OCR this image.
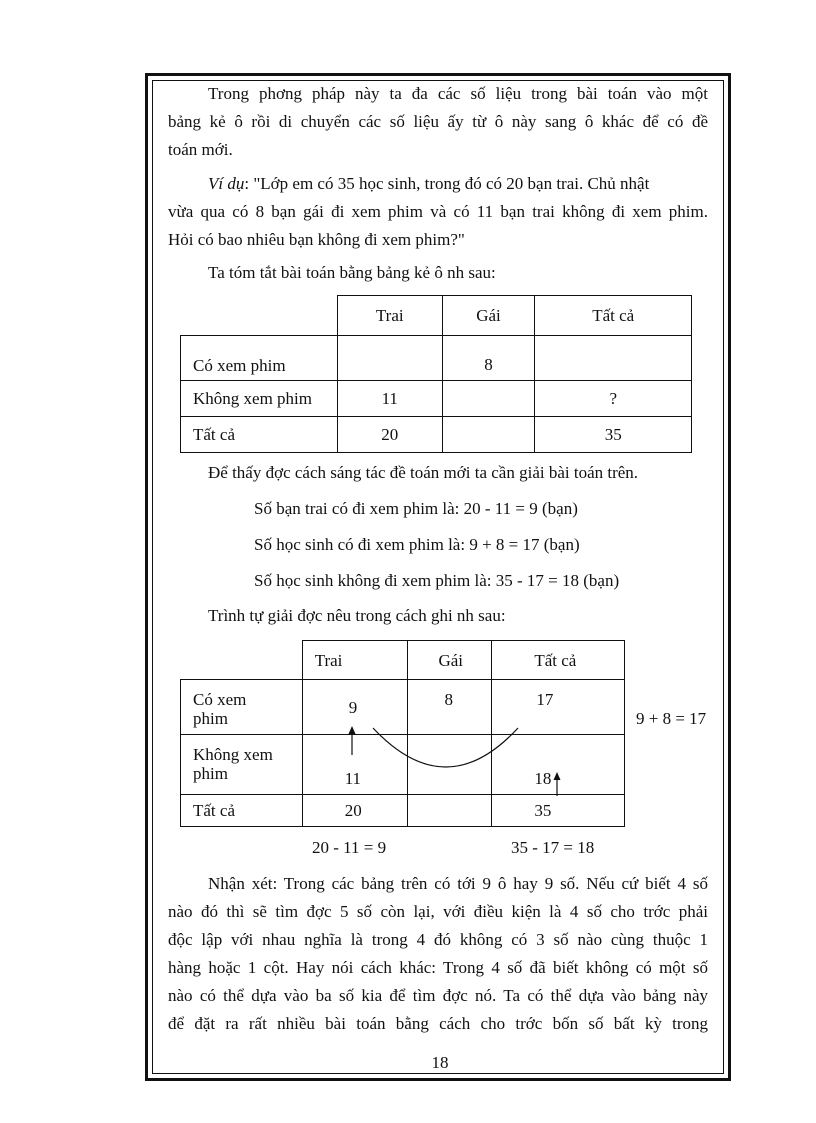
Trong phơng pháp này ta đa các số liệu trong bài toán vào một
bảng kẻ ô rồi di chuyển các số liệu ấy từ ô này sang ô khác để có đề
toán mới.
Ví dụ: "Lớp em có 35 học sinh, trong đó có 20 bạn trai. Chủ nhật
vừa qua có 8 bạn gái đi xem phim và có 11 bạn trai không đi xem phim.
Hỏi có bao nhiêu bạn không đi xem phim?"
Ta tóm tắt bài toán bằng bảng kẻ ô nh sau:
	Trai	Gái	Tất cả
Có xem phim		8	
Không xem phim	11		?
Tất cả	20		35
Để thấy đợc cách sáng tác đề toán mới ta cần giải bài toán trên.
Số bạn trai có đi xem phim là: 20 - 11 = 9 (bạn)
Số học sinh có đi xem phim là: 9 + 8 = 17 (bạn)
Số học sinh không đi xem phim là: 35 - 17 = 18 (bạn)
Trình tự giải đợc nêu trong cách ghi nh sau:
	Trai	Gái	Tất cả

Có xem
phim	9	8	17

Không xem
phim	11		18
Tất cả	20		35
9 + 8 = 17
20 - 11 = 9	35 - 17 = 18
Nhận xét: Trong các bảng trên có tới 9 ô hay 9 số. Nếu cứ biết 4 số
nào đó thì sẽ tìm đợc 5 số còn lại, với điều kiện là 4 số cho trớc phải
độc lập với nhau nghĩa là trong 4 đó không có 3 số nào cùng thuộc 1
hàng hoặc 1 cột. Hay nói cách khác: Trong 4 số đã biết không có một số
nào có thể dựa vào ba số kia để tìm đợc nó. Ta có thể dựa vào bảng này
để đặt ra rất nhiều bài toán bằng cách cho trớc bốn số bất kỳ trong
18
